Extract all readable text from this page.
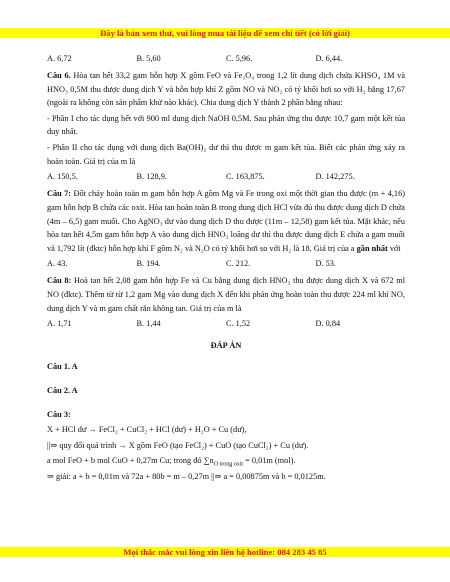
Đây là bản xem thử, vui lòng mua tài liệu để xem chi tiết (có lời giải)
A. 6,72	B. 5,60	C. 5,96.	D. 6,44.
Câu 6. Hòa tan hết 33,2 gam hỗn hợp X gồm FeO và Fe₃O₄ trong 1,2 lít dung dịch chứa KHSO₄ 1M và HNO₃ 0,5M thu được dung dịch Y và hỗn hợp khí Z gồm NO và NO₂ có tỷ khối hơi so với H₂ bằng 17,67 (ngoài ra không còn sản phẩm khử nào khác). Chia dung dịch Y thành 2 phần bằng nhau:
- Phần I cho tác dụng hết với 900 ml dung dịch NaOH 0,5M. Sau phản ứng thu được 10,7 gam một kết tủa duy nhất.
- Phần II cho tác dụng với dung dịch Ba(OH)₂ dư thì thu được m gam kết tủa. Biết các phản ứng xảy ra hoàn toàn. Giá trị của m là
A. 150,5.	B. 128,9.	C. 163,875.	D. 142,275.
Câu 7: Đốt cháy hoàn toàn m gam hỗn hợp A gồm Mg và Fe trong oxi một thời gian thu được (m + 4,16) gam hỗn hợp B chứa các oxit. Hòa tan hoàn toàn B trong dung dịch HCl vừa đủ thu được dung dịch D chứa (4m – 6,5) gam muối. Cho AgNO₃ dư vào dung dịch D thu được (11m – 12,58) gam kết tủa. Mặt khác, nếu hòa tan hết 4,5m gam hỗn hợp A vào dung dịch HNO₃ loãng dư thì thu được dung dịch E chứa a gam muối và 1,792 lít (đktc) hỗn hợp khí F gồm N₂ và N₂O có tỷ khối hơi so với H₂ là 18. Giá trị của a gần nhất với
A. 43.	B. 194.	C. 212.	D. 53.
Câu 8: Hoà tan hết 2,08 gam hỗn hợp Fe và Cu bằng dung dịch HNO₃ thu được dung dịch X và 672 ml NO (đktc). Thêm từ từ 1,2 gam Mg vào dung dịch X đến khi phản ứng hoàn toàn thu được 224 ml khí NO, dung dịch Y và m gam chất rắn không tan. Giá trị của m là
A. 1,71	B. 1,44	C. 1,52	D. 0,84
ĐÁP ÁN
Câu 1. A
Câu 2. A
Câu 3:
X + HCl dư → FeCl₂ + CuCl₂ + HCl (dư) + H₂O + Cu (dư),
||⇒ quy đổi quá trình → X gồm FeO (tạo FeCl₂) + CuO (tạo CuCl₂) + Cu (dư).
a mol FeO + b mol CuO + 0,27m Cu; trong đó $\sum n_{O trong oxit} = 0,01m$ (mol).
⇒ giải: a + b = 0,01m và 72a + 80b = m – 0,27m ||⇒ a = 0,00875m và b = 0,0125m.
Mọi thắc mắc vui lòng xin liên hệ hotline: 084 283 45 85
